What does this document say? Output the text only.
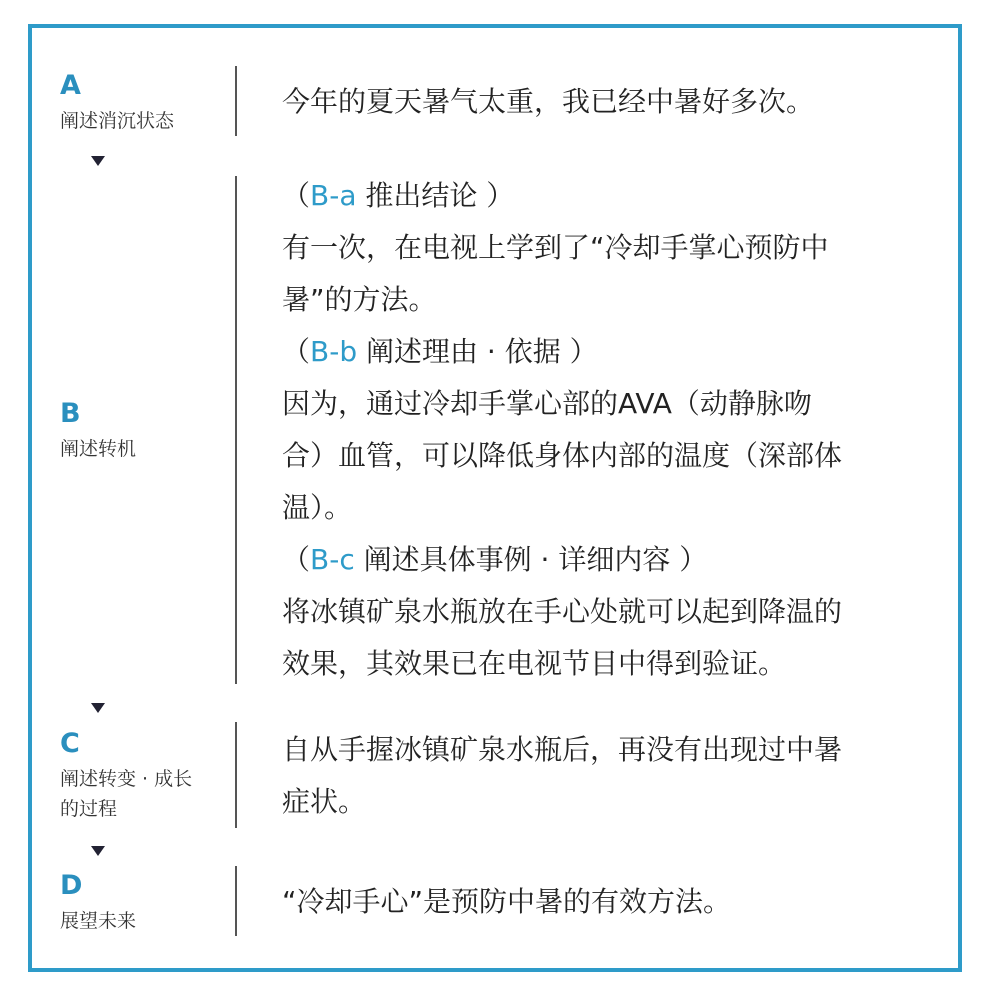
A
阐述消沉状态
今年的夏天暑气太重，我已经中暑好多次。
B
阐述转机
（B-a 推出结论 ）
有一次，在电视上学到了“冷却手掌心预防中
暑”的方法。
（B-b 阐述理由 · 依据 ）
因为，通过冷却手掌心部的AVA（动静脉吻
合）血管，可以降低身体内部的温度（深部体
温）。
（B-c 阐述具体事例 · 详细内容 ）
将冰镇矿泉水瓶放在手心处就可以起到降温的
效果，其效果已在电视节目中得到验证。
C
阐述转变 · 成长
的过程
自从手握冰镇矿泉水瓶后，再没有出现过中暑
症状。
D
展望未来
“冷却手心”是预防中暑的有效方法。
